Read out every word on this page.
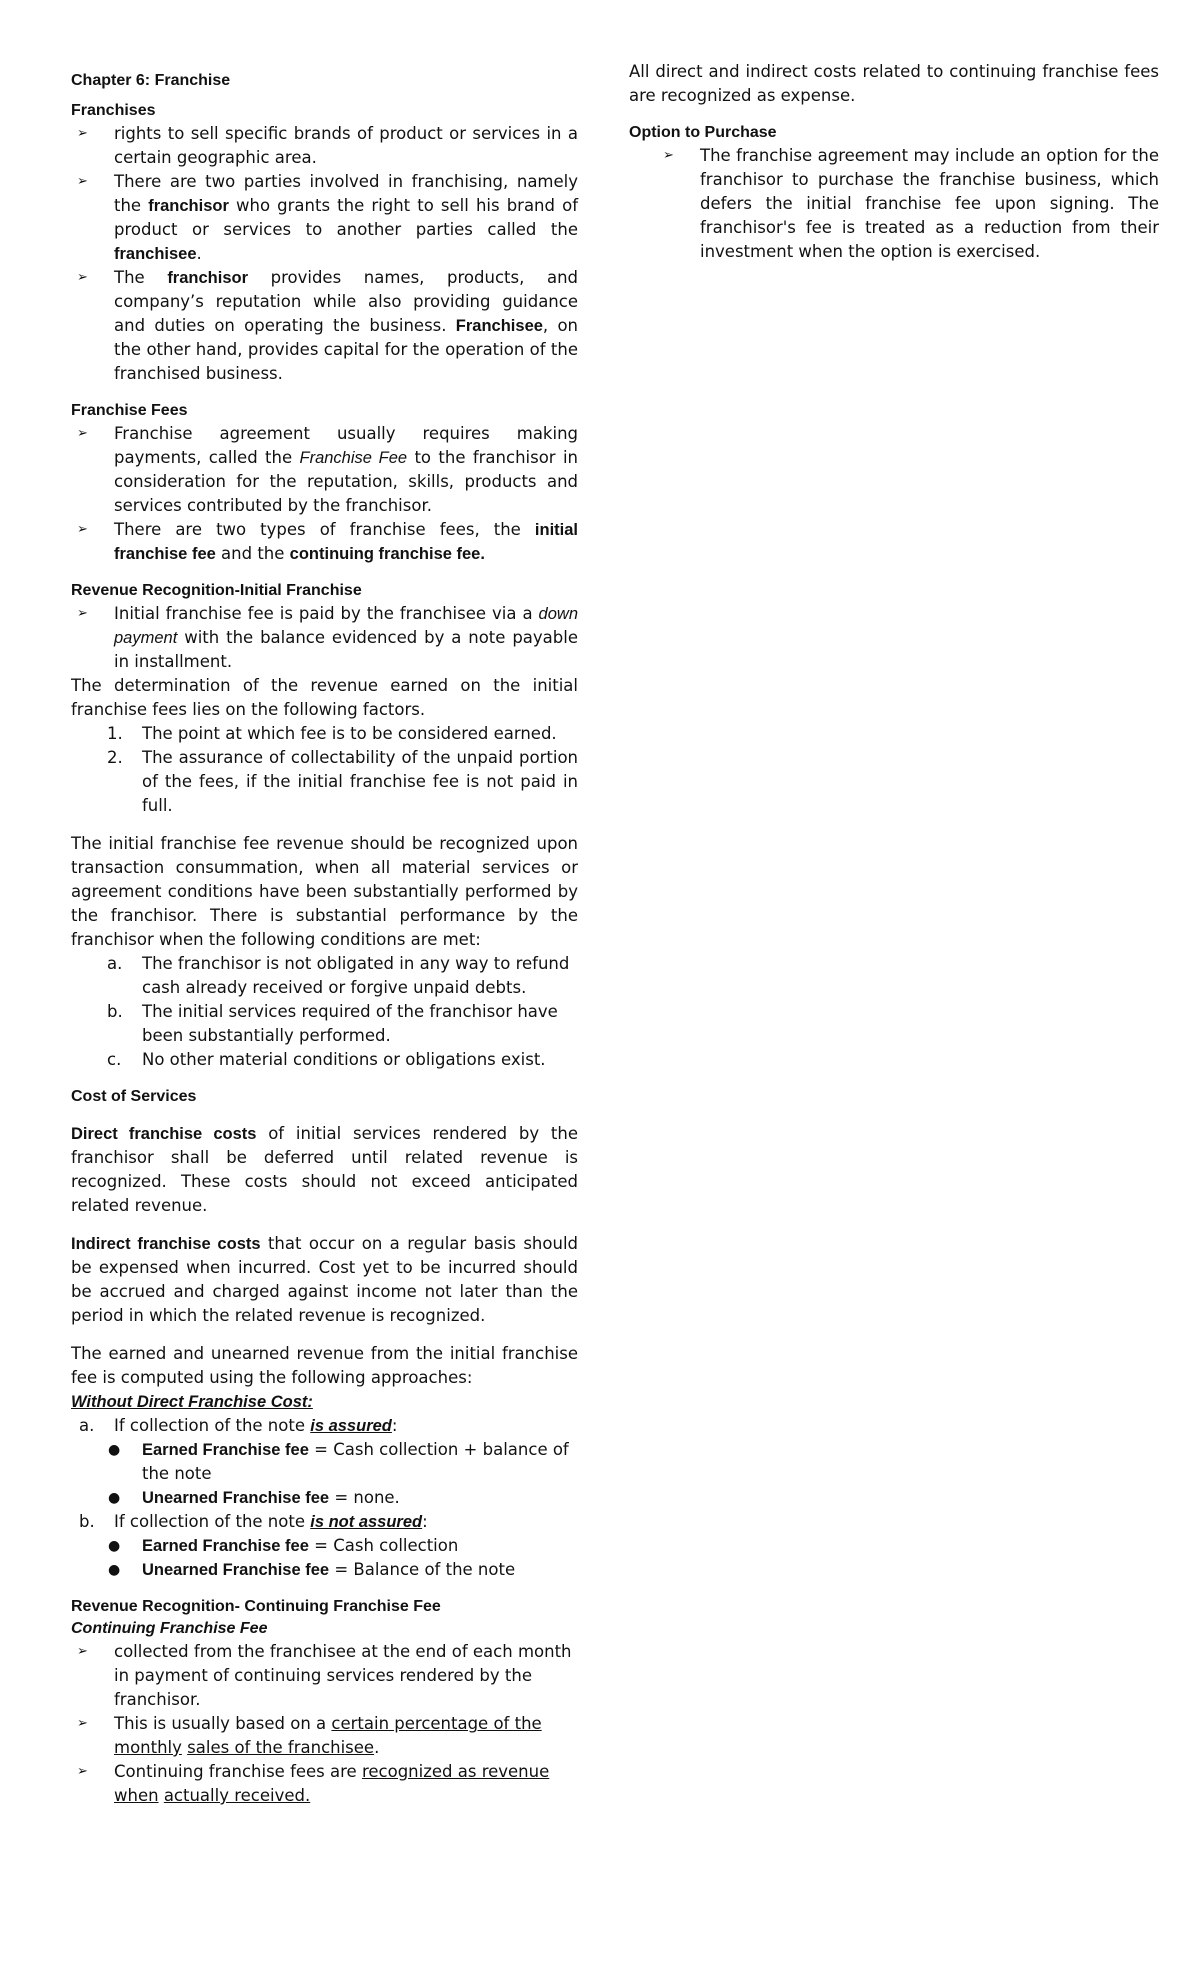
Chapter 6: Franchise
Franchises
➢ rights to sell specific brands of product or services in a certain geographic area.
➢ There are two parties involved in franchising, namely the franchisor who grants the right to sell his brand of product or services to another parties called the franchisee.
➢ The franchisor provides names, products, and company’s reputation while also providing guidance and duties on operating the business. Franchisee, on the other hand, provides capital for the operation of the franchised business.
Franchise Fees
➢ Franchise agreement usually requires making payments, called the Franchise Fee to the franchisor in consideration for the reputation, skills, products and services contributed by the franchisor.
➢ There are two types of franchise fees, the initial franchise fee and the continuing franchise fee.
Revenue Recognition-Initial Franchise
➢ Initial franchise fee is paid by the franchisee via a down payment with the balance evidenced by a note payable in installment.
The determination of the revenue earned on the initial franchise fees lies on the following factors.
1. The point at which fee is to be considered earned.
2. The assurance of collectability of the unpaid portion of the fees, if the initial franchise fee is not paid in full.
The initial franchise fee revenue should be recognized upon transaction consummation, when all material services or agreement conditions have been substantially performed by the franchisor. There is substantial performance by the franchisor when the following conditions are met:
a. The franchisor is not obligated in any way to refund cash already received or forgive unpaid debts.
b. The initial services required of the franchisor have been substantially performed.
c. No other material conditions or obligations exist.
Cost of Services
Direct franchise costs of initial services rendered by the franchisor shall be deferred until related revenue is recognized. These costs should not exceed anticipated related revenue.
Indirect franchise costs that occur on a regular basis should be expensed when incurred. Cost yet to be incurred should be accrued and charged against income not later than the period in which the related revenue is recognized.
The earned and unearned revenue from the initial franchise fee is computed using the following approaches:
Without Direct Franchise Cost:
a. If collection of the note is assured:
● Earned Franchise fee = Cash collection + balance of the note
● Unearned Franchise fee = none.
b. If collection of the note is not assured:
● Earned Franchise fee = Cash collection
● Unearned Franchise fee = Balance of the note
Revenue Recognition- Continuing Franchise Fee
Continuing Franchise Fee
➢ collected from the franchisee at the end of each month in payment of continuing services rendered by the franchisor.
➢ This is usually based on a certain percentage of the monthly sales of the franchisee.
➢ Continuing franchise fees are recognized as revenue when actually received.
All direct and indirect costs related to continuing franchise fees are recognized as expense.
Option to Purchase
➢ The franchise agreement may include an option for the franchisor to purchase the franchise business, which defers the initial franchise fee upon signing. The franchisor's fee is treated as a reduction from their investment when the option is exercised.
